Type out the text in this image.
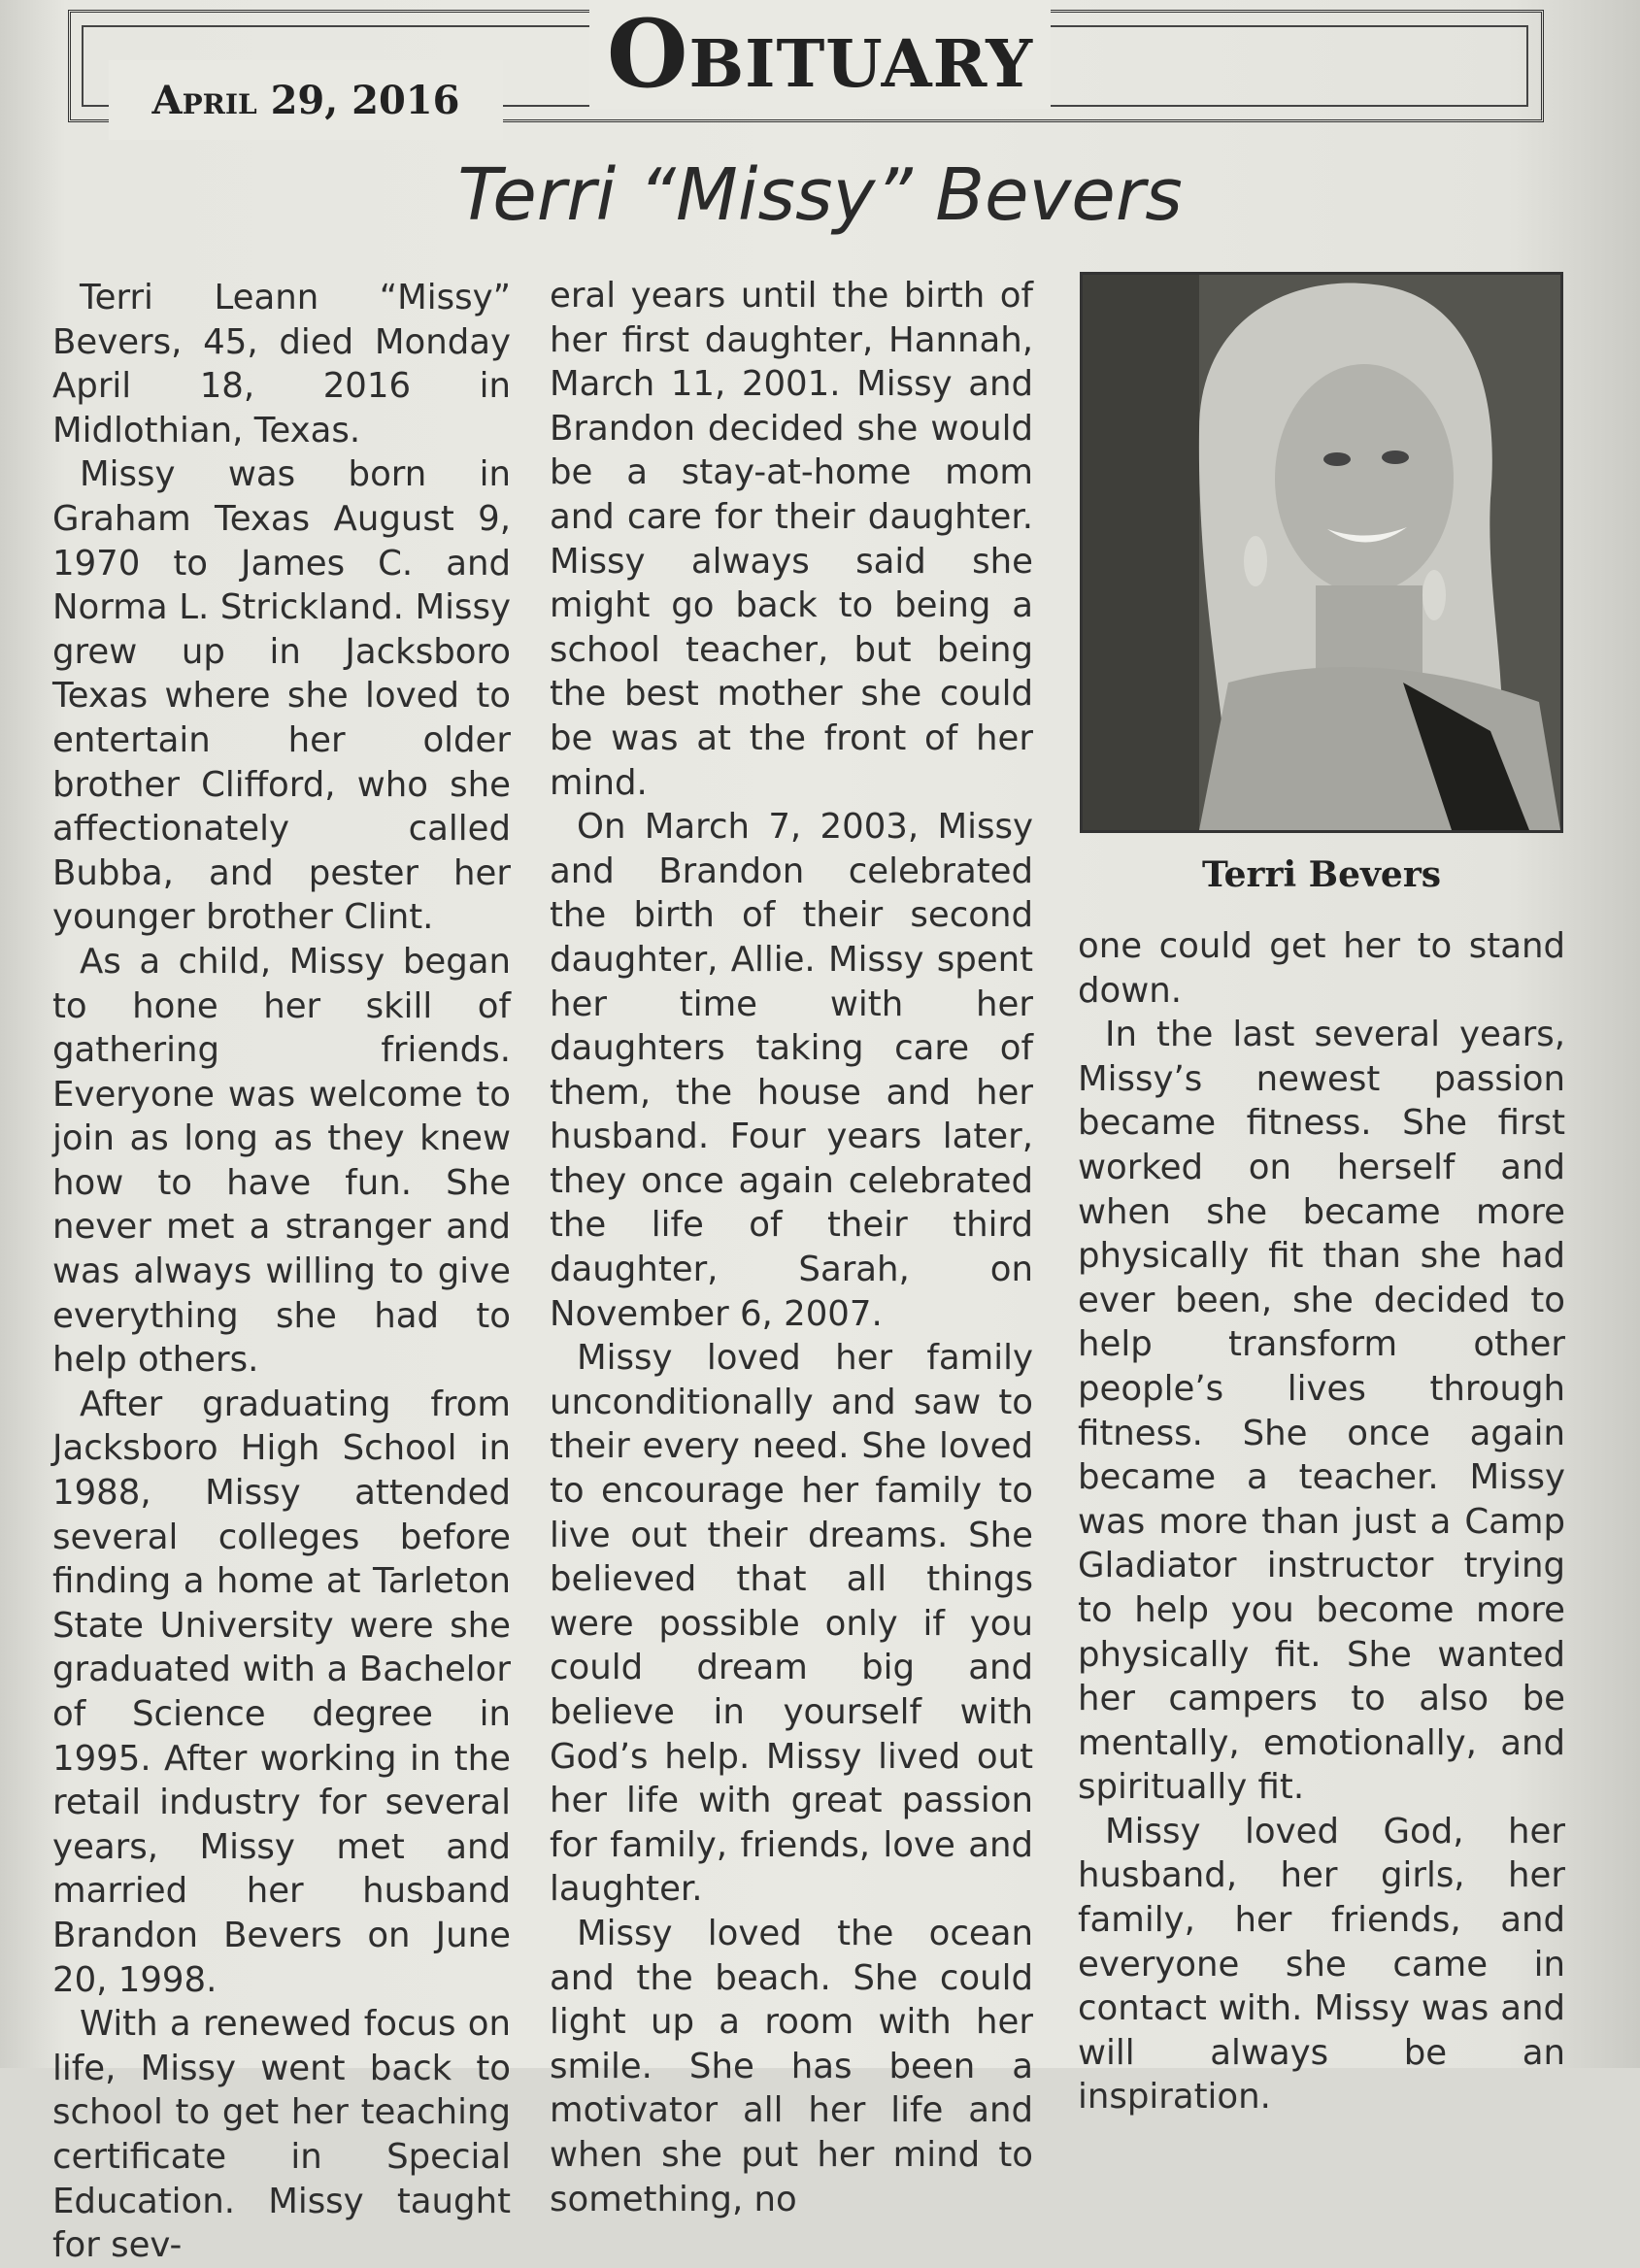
Obituary
April 29, 2016
Terri “Missy” Bevers

Terri Leann “Missy” Bevers, 45, died Monday April 18, 2016 in Midlothian, Texas.

Missy was born in Graham Texas August 9, 1970 to James C. and Norma L. Strickland. Missy grew up in Jacksboro Texas where she loved to entertain her older brother Clifford, who she affectionately called Bubba, and pester her younger brother Clint.

As a child, Missy began to hone her skill of gathering friends. Everyone was welcome to join as long as they knew how to have fun. She never met a stranger and was always willing to give everything she had to help others.

After graduating from Jacksboro High School in 1988, Missy attended several colleges before finding a home at Tarleton State University were she graduated with a Bachelor of Science degree in 1995. After working in the retail industry for several years, Missy met and married her husband Brandon Bevers on June 20, 1998.

With a renewed focus on life, Missy went back to school to get her teaching certificate in Special Education. Missy taught for sev-

eral years until the birth of her first daughter, Hannah, March 11, 2001. Missy and Brandon decided she would be a stay-at-home mom and care for their daughter. Missy always said she might go back to being a school teacher, but being the best mother she could be was at the front of her mind.

On March 7, 2003, Missy and Brandon celebrated the birth of their second daughter, Allie. Missy spent her time with her daughters taking care of them, the house and her husband. Four years later, they once again celebrated the life of their third daughter, Sarah, on November 6, 2007.

Missy loved her family unconditionally and saw to their every need. She loved to encourage her family to live out their dreams. She believed that all things were possible only if you could dream big and believe in yourself with God’s help. Missy lived out her life with great passion for family, friends, love and laughter.

Missy loved the ocean and the beach. She could light up a room with her smile. She has been a motivator all her life and when she put her mind to something, no

Terri Bevers

one could get her to stand down.

In the last several years, Missy’s newest passion became fitness. She first worked on herself and when she became more physically fit than she had ever been, she decided to help transform other people’s lives through fitness. She once again became a teacher. Missy was more than just a Camp Gladiator instructor trying to help you become more physically fit. She wanted her campers to also be mentally, emotionally, and spiritually fit.

Missy loved God, her husband, her girls, her family, her friends, and everyone she came in contact with. Missy was and will always be an inspiration.
